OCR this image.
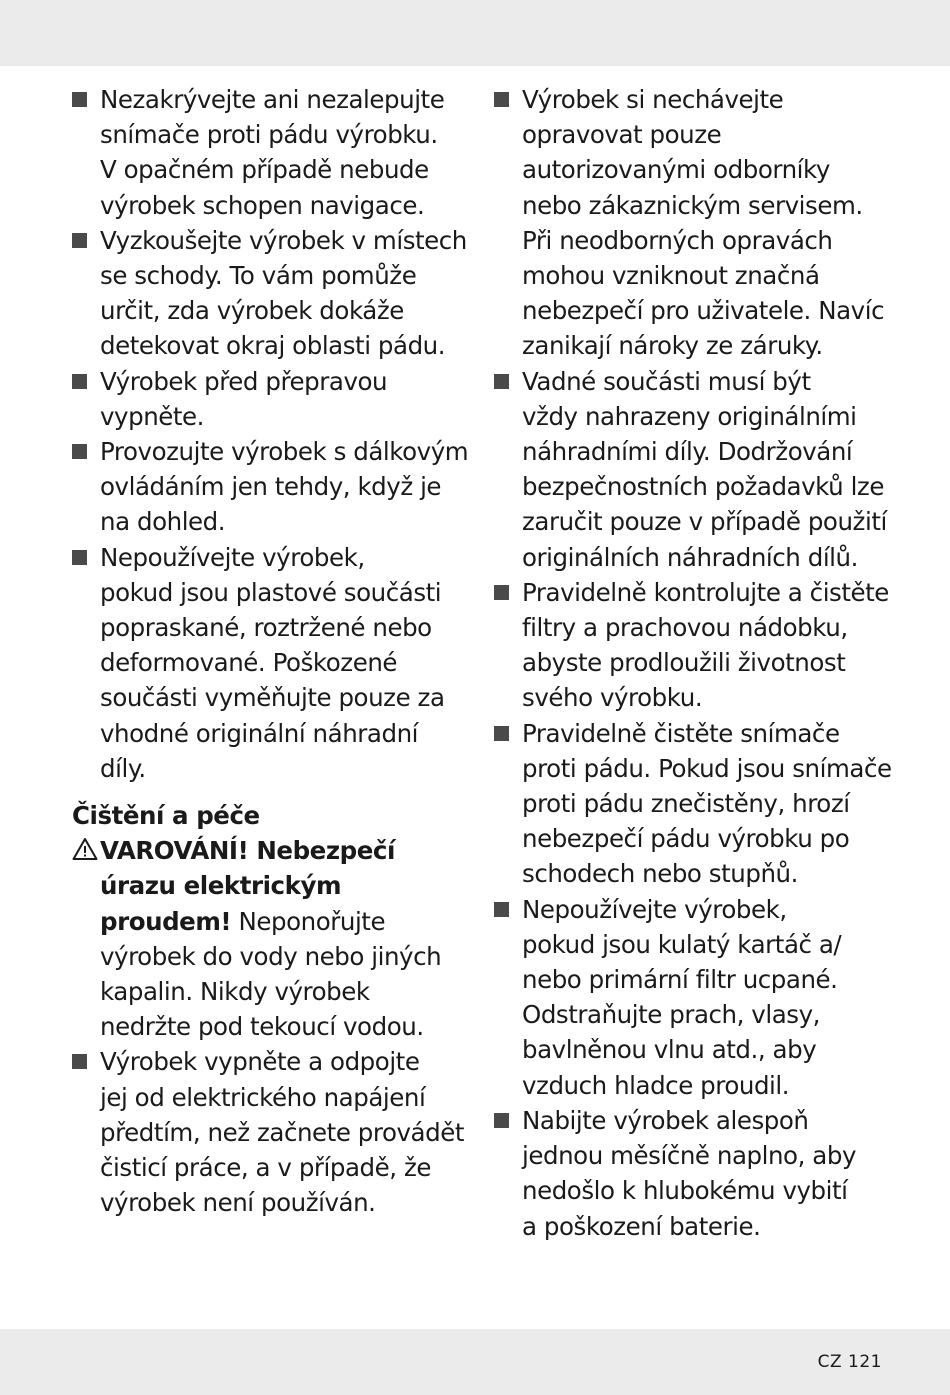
Nezakrývejte ani nezalepujte
snímače proti pádu výrobku.
V opačném případě nebude
výrobek schopen navigace.
Vyzkoušejte výrobek v místech
se schody. To vám pomůže
určit, zda výrobek dokáže
detekovat okraj oblasti pádu.
Výrobek před přepravou
vypněte.
Provozujte výrobek s dálkovým
ovládáním jen tehdy, když je
na dohled.
Nepoužívejte výrobek,
pokud jsou plastové součásti
popraskané, roztržené nebo
deformované. Poškozené
součásti vyměňujte pouze za
vhodné originální náhradní
díly.
Čištění a péče
VAROVÁNÍ! Nebezpečí
úrazu elektrickým
proudem! Neponořujte
výrobek do vody nebo jiných
kapalin. Nikdy výrobek
nedržte pod tekoucí vodou.
Výrobek vypněte a odpojte
jej od elektrického napájení
předtím, než začnete provádět
čisticí práce, a v případě, že
výrobek není používán.
Výrobek si nechávejte
opravovat pouze
autorizovanými odborníky
nebo zákaznickým servisem.
Při neodborných opravách
mohou vzniknout značná
nebezpečí pro uživatele. Navíc
zanikají nároky ze záruky.
Vadné součásti musí být
vždy nahrazeny originálními
náhradními díly. Dodržování
bezpečnostních požadavků lze
zaručit pouze v případě použití
originálních náhradních dílů.
Pravidelně kontrolujte a čistěte
filtry a prachovou nádobku,
abyste prodloužili životnost
svého výrobku.
Pravidelně čistěte snímače
proti pádu. Pokud jsou snímače
proti pádu znečistěny, hrozí
nebezpečí pádu výrobku po
schodech nebo stupňů.
Nepoužívejte výrobek,
pokud jsou kulatý kartáč a/
nebo primární filtr ucpané.
Odstraňujte prach, vlasy,
bavlněnou vlnu atd., aby
vzduch hladce proudil.
Nabijte výrobek alespoň
jednou měsíčně naplno, aby
nedošlo k hlubokému vybití
a poškození baterie.
CZ 121
